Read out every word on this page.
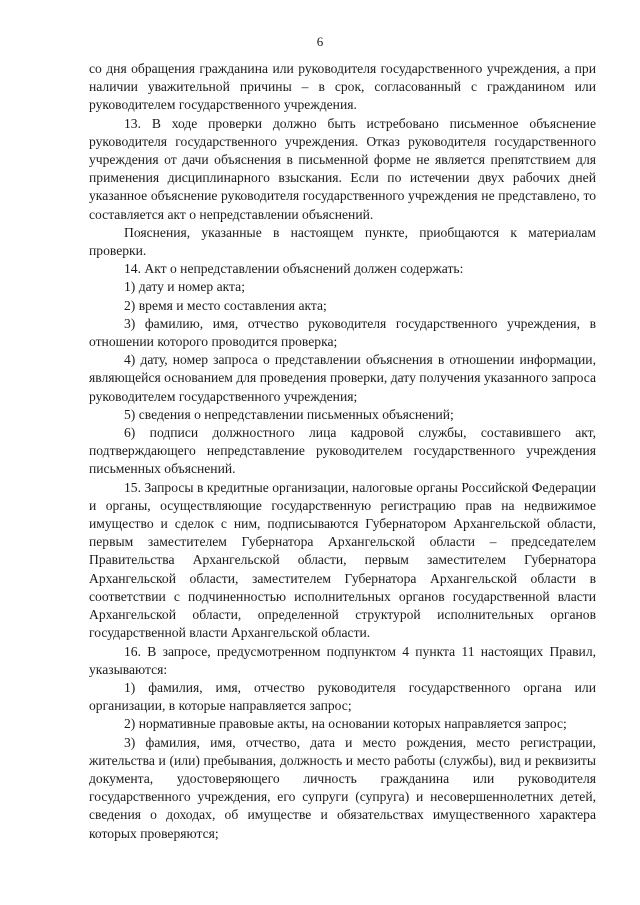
6

со дня обращения гражданина или руководителя государственного учреждения, а при наличии уважительной причины – в срок, согласованный с гражданином или руководителем государственного учреждения.

13. В ходе проверки должно быть истребовано письменное объяснение руководителя государственного учреждения. Отказ руководителя государственного учреждения от дачи объяснения в письменной форме не является препятствием для применения дисциплинарного взыскания. Если по истечении двух рабочих дней указанное объяснение руководителя государственного учреждения не представлено, то составляется акт о непредставлении объяснений.

Пояснения, указанные в настоящем пункте, приобщаются к материалам проверки.

14. Акт о непредставлении объяснений должен содержать:

1) дату и номер акта;

2) время и место составления акта;

3) фамилию, имя, отчество руководителя государственного учреждения, в отношении которого проводится проверка;

4) дату, номер запроса о представлении объяснения в отношении информации, являющейся основанием для проведения проверки, дату получения указанного запроса руководителем государственного учреждения;

5) сведения о непредставлении письменных объяснений;

6) подписи должностного лица кадровой службы, составившего акт, подтверждающего непредставление руководителем государственного учреждения письменных объяснений.

15. Запросы в кредитные организации, налоговые органы Российской Федерации и органы, осуществляющие государственную регистрацию прав на недвижимое имущество и сделок с ним, подписываются Губернатором Архангельской области, первым заместителем Губернатора Архангельской области – председателем Правительства Архангельской области, первым заместителем Губернатора Архангельской области, заместителем Губернатора Архангельской области в соответствии с подчиненностью исполнительных органов государственной власти Архангельской области, определенной структурой исполнительных органов государственной власти Архангельской области.

16. В запросе, предусмотренном подпунктом 4 пункта 11 настоящих Правил, указываются:

1) фамилия, имя, отчество руководителя государственного органа или организации, в которые направляется запрос;

2) нормативные правовые акты, на основании которых направляется запрос;

3) фамилия, имя, отчество, дата и место рождения, место регистрации, жительства и (или) пребывания, должность и место работы (службы), вид и реквизиты документа, удостоверяющего личность гражданина или руководителя государственного учреждения, его супруги (супруга) и несовершеннолетних детей, сведения о доходах, об имуществе и обязательствах имущественного характера которых проверяются;
